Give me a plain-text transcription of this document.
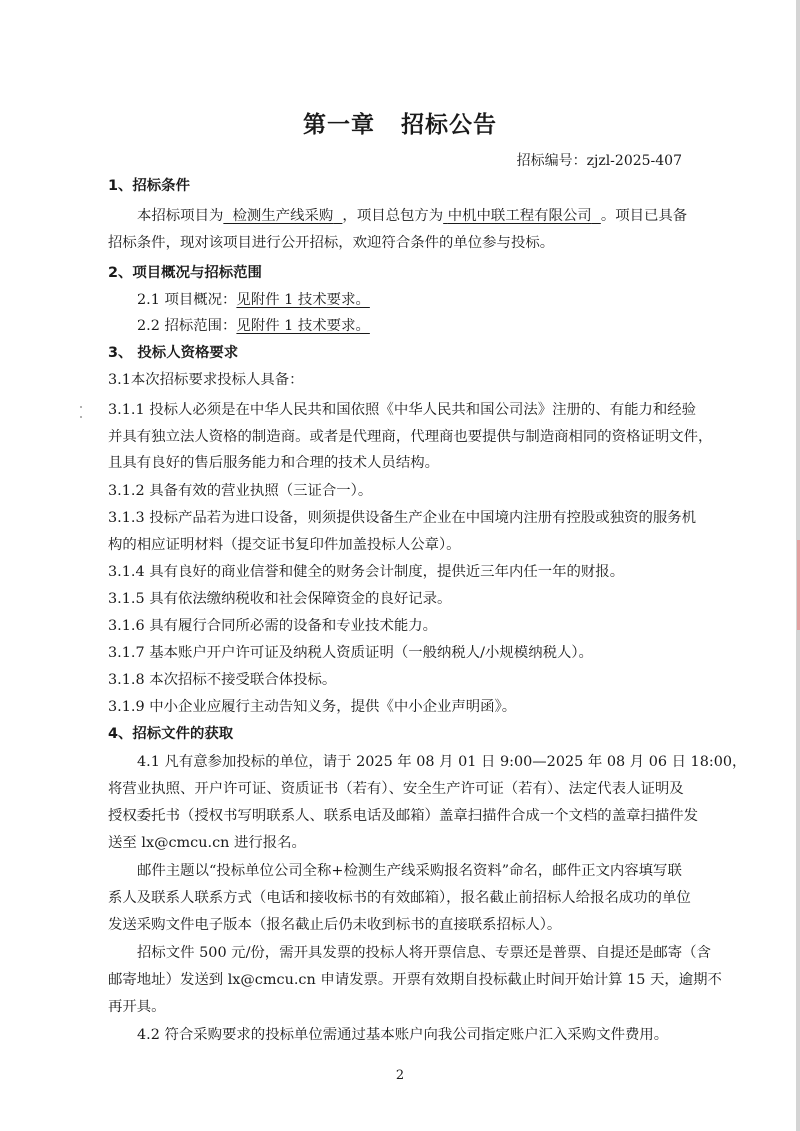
第一章 招标公告
招标编号：zjzl-2025-407
1、招标条件
本招标项目为 检测生产线采购 ，项目总包方为 中机中联工程有限公司 。项目已具备
招标条件，现对该项目进行公开招标，欢迎符合条件的单位参与投标。
2、项目概况与招标范围
2.1 项目概况：见附件 1 技术要求。
2.2 招标范围：见附件 1 技术要求。
3、 投标人资格要求
3.1本次招标要求投标人具备：
3.1.1 投标人必须是在中华人民共和国依照《中华人民共和国公司法》注册的、有能力和经验
并具有独立法人资格的制造商。或者是代理商，代理商也要提供与制造商相同的资格证明文件，
且具有良好的售后服务能力和合理的技术人员结构。
3.1.2 具备有效的营业执照（三证合一）。
3.1.3 投标产品若为进口设备，则须提供设备生产企业在中国境内注册有控股或独资的服务机
构的相应证明材料（提交证书复印件加盖投标人公章）。
3.1.4 具有良好的商业信誉和健全的财务会计制度，提供近三年内任一年的财报。
3.1.5 具有依法缴纳税收和社会保障资金的良好记录。
3.1.6 具有履行合同所必需的设备和专业技术能力。
3.1.7 基本账户开户许可证及纳税人资质证明（一般纳税人/小规模纳税人）。
3.1.8 本次招标不接受联合体投标。
3.1.9 中小企业应履行主动告知义务，提供《中小企业声明函》。
4、招标文件的获取
4.1 凡有意参加投标的单位，请于 2025 年 08 月 01 日 9:00—2025 年 08 月 06 日 18:00，
将营业执照、开户许可证、资质证书（若有）、安全生产许可证（若有）、法定代表人证明及
授权委托书（授权书写明联系人、联系电话及邮箱）盖章扫描件合成一个文档的盖章扫描件发
送至 lx@cmcu.cn 进行报名。
邮件主题以“投标单位公司全称+检测生产线采购报名资料”命名，邮件正文内容填写联
系人及联系人联系方式（电话和接收标书的有效邮箱），报名截止前招标人给报名成功的单位
发送采购文件电子版本（报名截止后仍未收到标书的直接联系招标人）。
招标文件 500 元/份，需开具发票的投标人将开票信息、专票还是普票、自提还是邮寄（含
邮寄地址）发送到 lx@cmcu.cn 申请发票。开票有效期自投标截止时间开始计算 15 天，逾期不
再开具。
4.2 符合采购要求的投标单位需通过基本账户向我公司指定账户汇入采购文件费用。
2
